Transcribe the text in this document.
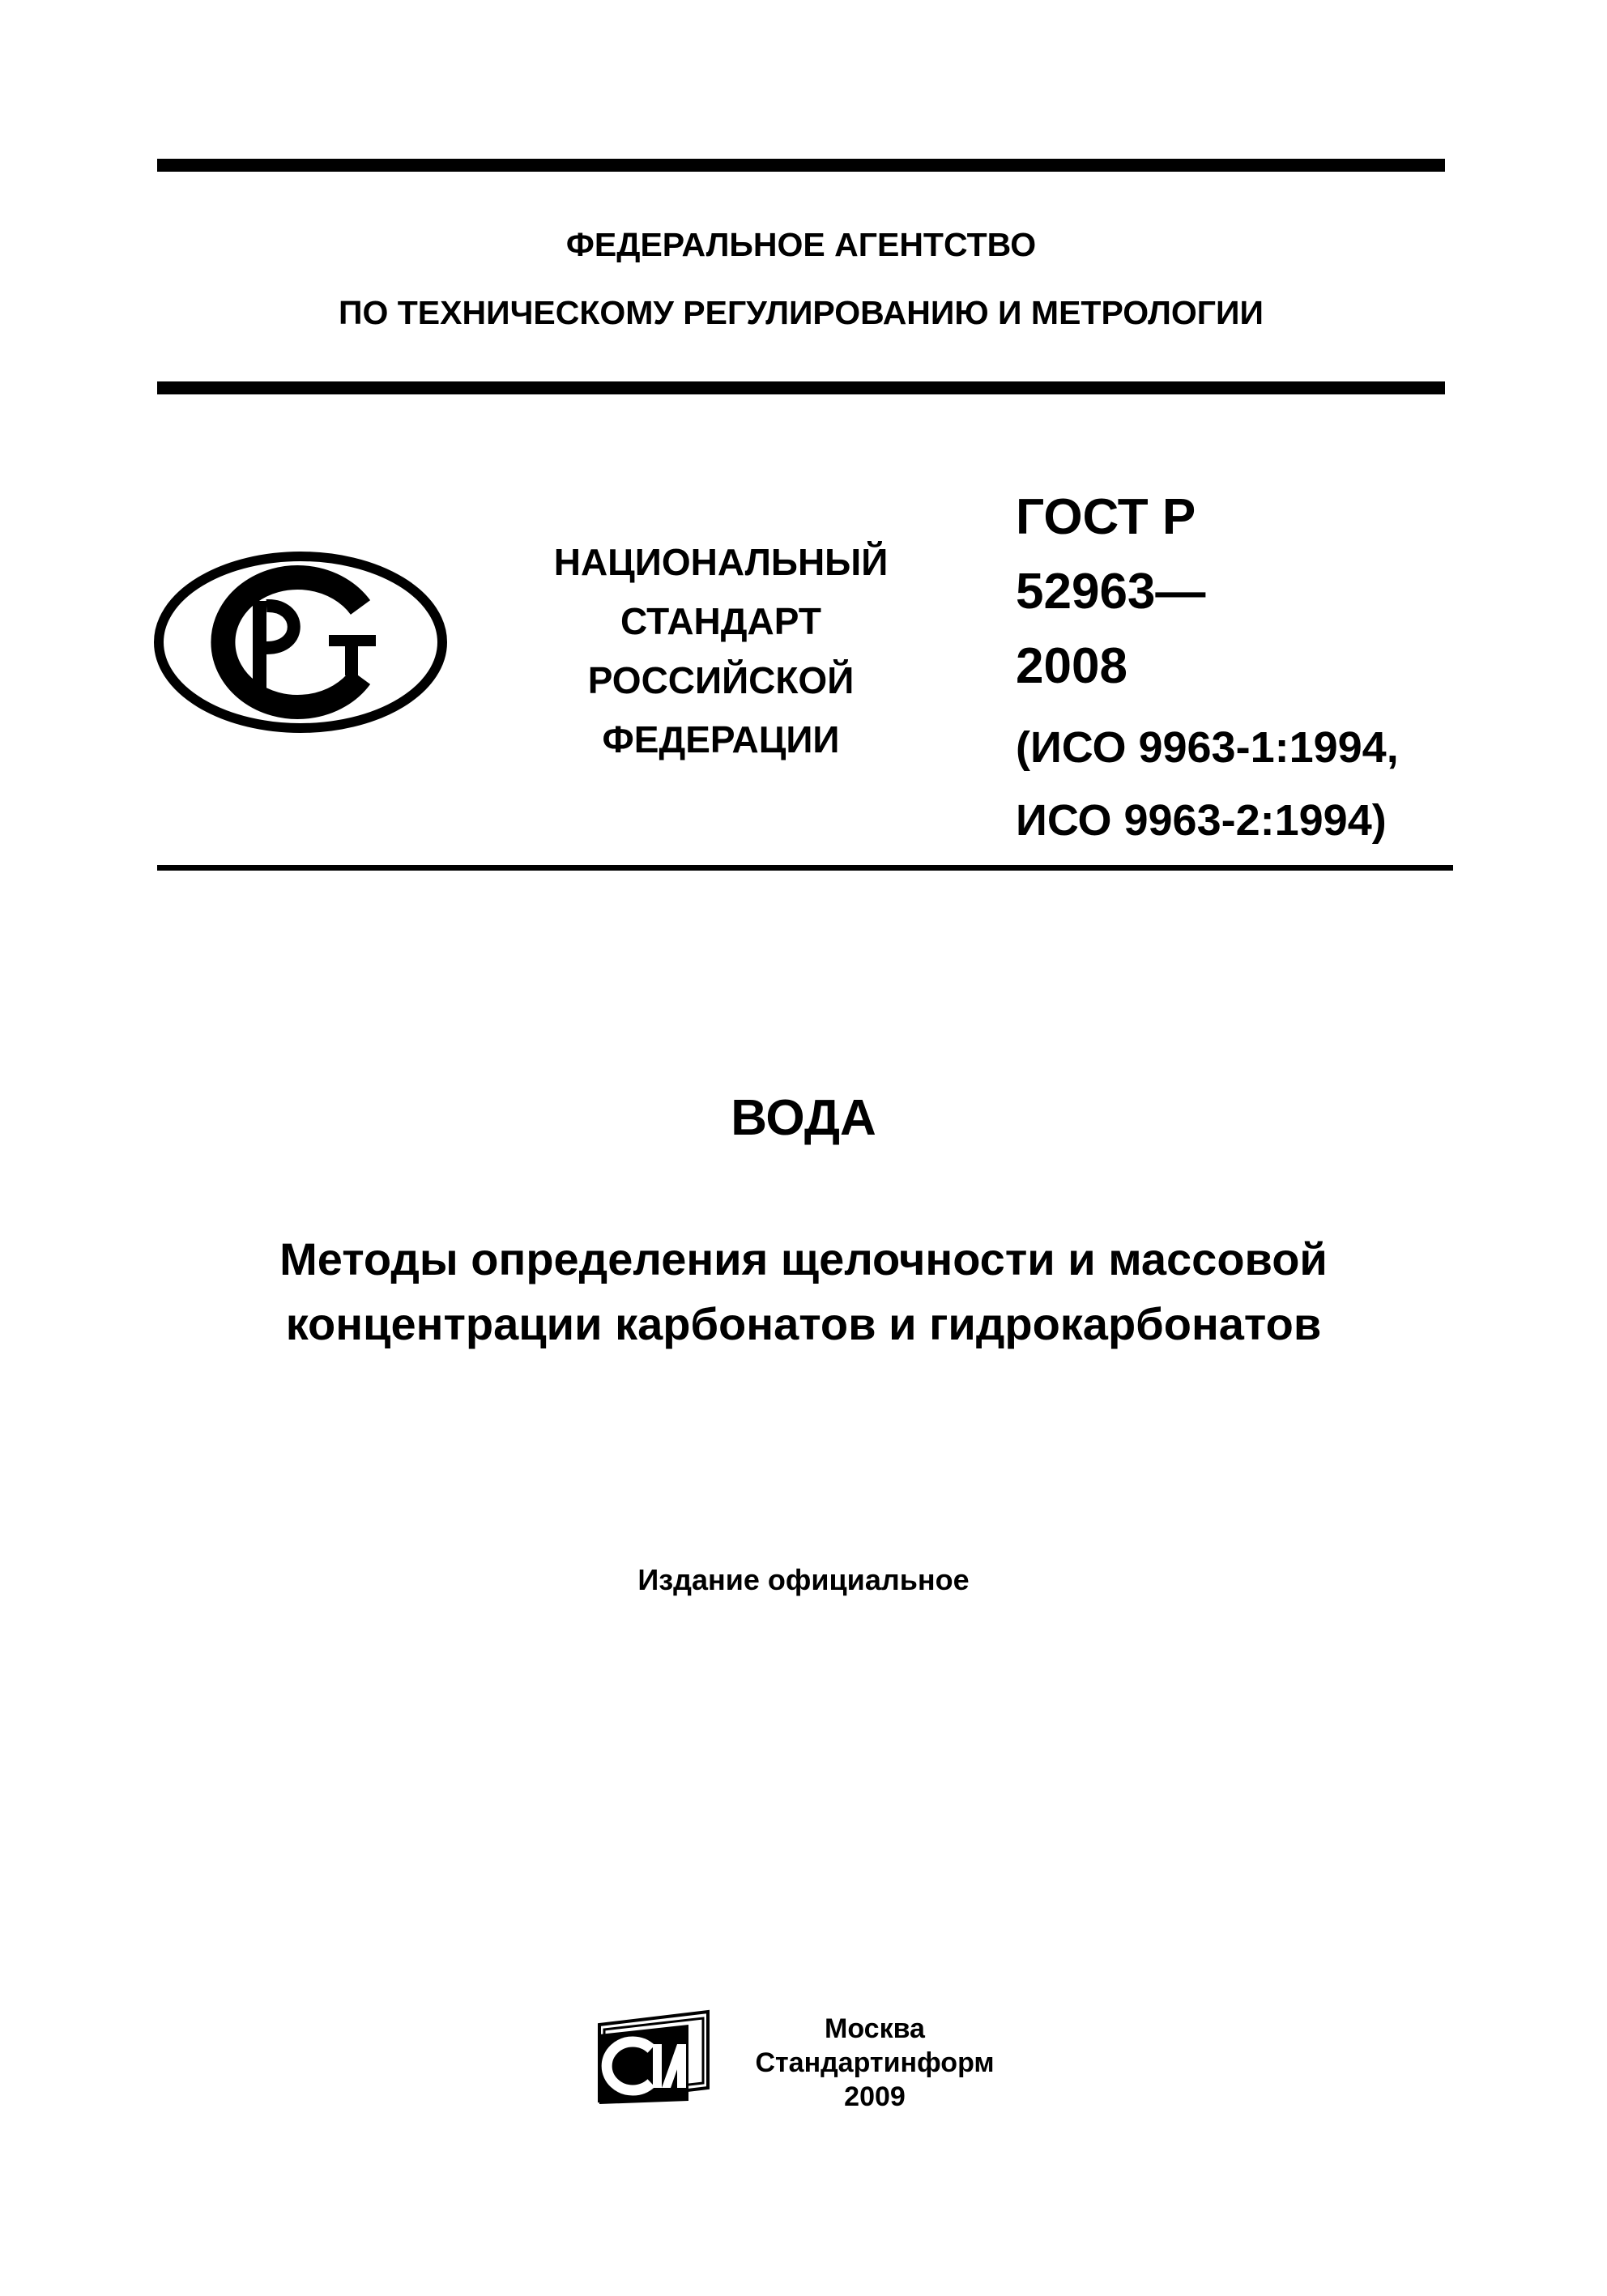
ФЕДЕРАЛЬНОЕ АГЕНТСТВО
ПО ТЕХНИЧЕСКОМУ РЕГУЛИРОВАНИЮ И МЕТРОЛОГИИ
НАЦИОНАЛЬНЫЙ
СТАНДАРТ
РОССИЙСКОЙ
ФЕДЕРАЦИИ
ГОСТ Р
52963—
2008
(ИСО 9963-1:1994,
ИСО 9963-2:1994)
ВОДА
Методы определения щелочности и массовой
концентрации карбонатов и гидрокарбонатов
Издание официальное
Москва
Стандартинформ
2009
